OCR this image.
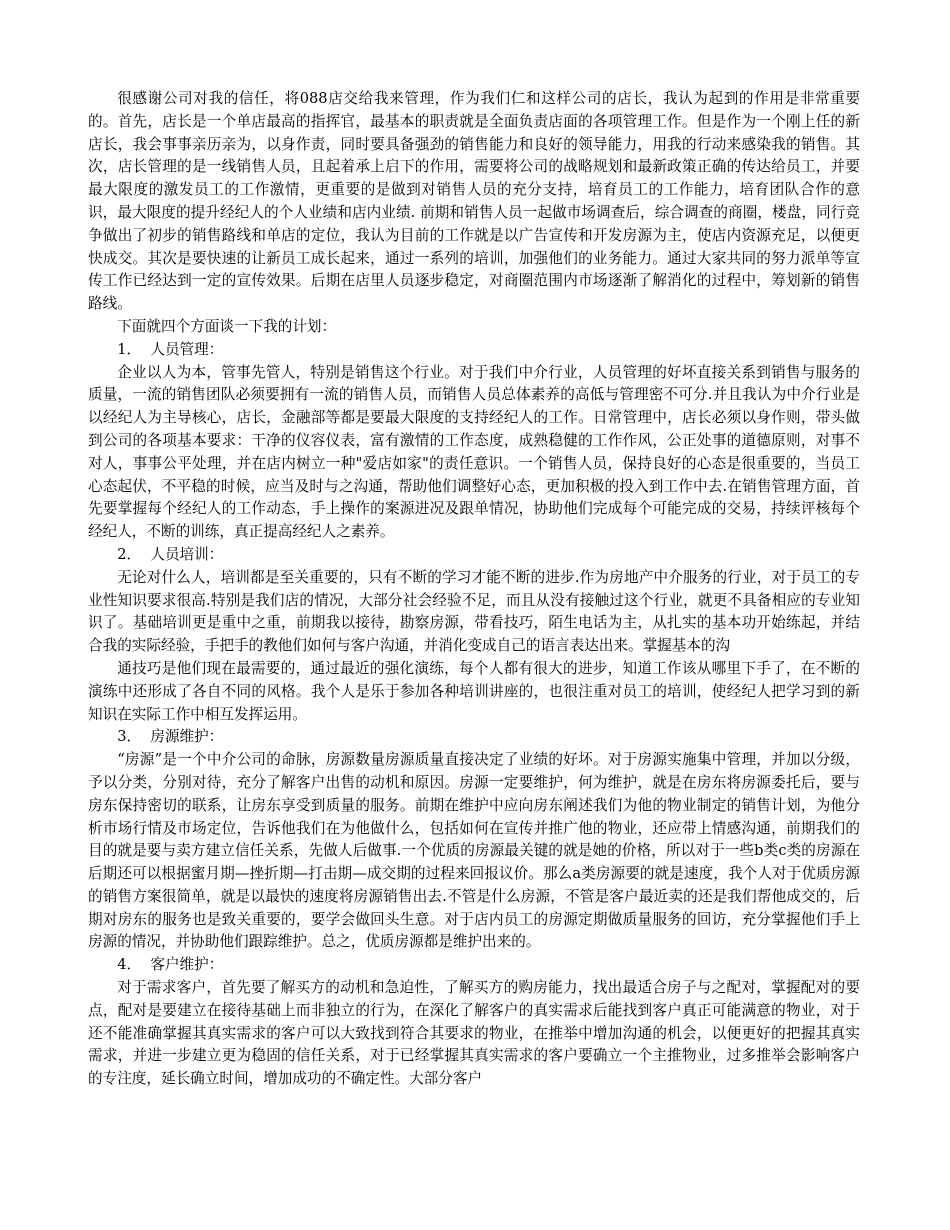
很感谢公司对我的信任，将088店交给我来管理，作为我们仁和这样公司的店长，我认为起到的作用是非常重要的。首先，店长是一个单店最高的指挥官，最基本的职责就是全面负责店面的各项管理工作。但是作为一个刚上任的新店长，我会事事亲历亲为，以身作责，同时要具备强劲的销售能力和良好的领导能力，用我的行动来感染我的销售。其次，店长管理的是一线销售人员，且起着承上启下的作用，需要将公司的战略规划和最新政策正确的传达给员工，并要最大限度的激发员工的工作激情，更重要的是做到对销售人员的充分支持，培育员工的工作能力，培育团队合作的意识，最大限度的提升经纪人的个人业绩和店内业绩. 前期和销售人员一起做市场调查后，综合调查的商圈，楼盘，同行竞争做出了初步的销售路线和单店的定位，我认为目前的工作就是以广告宣传和开发房源为主，使店内资源充足，以便更快成交。其次是要快速的让新员工成长起来，通过一系列的培训，加强他们的业务能力。通过大家共同的努力派单等宣传工作已经达到一定的宣传效果。后期在店里人员逐步稳定，对商圈范围内市场逐渐了解消化的过程中，筹划新的销售路线。

下面就四个方面谈一下我的计划：

1．  人员管理：

企业以人为本，管事先管人，特别是销售这个行业。对于我们中介行业，人员管理的好坏直接关系到销售与服务的质量，一流的销售团队必须要拥有一流的销售人员，而销售人员总体素养的高低与管理密不可分.并且我认为中介行业是以经纪人为主导核心，店长，金融部等都是要最大限度的支持经纪人的工作。日常管理中，店长必须以身作则，带头做到公司的各项基本要求：干净的仪容仪表，富有激情的工作态度，成熟稳健的工作作风，公正处事的道德原则，对事不对人，事事公平处理，并在店内树立一种"爱店如家"的责任意识。一个销售人员，保持良好的心态是很重要的，当员工心态起伏，不平稳的时候，应当及时与之沟通，帮助他们调整好心态，更加积极的投入到工作中去.在销售管理方面，首先要掌握每个经纪人的工作动态，手上操作的案源进况及跟单情况，协助他们完成每个可能完成的交易，持续评核每个经纪人，不断的训练，真正提高经纪人之素养。

2．  人员培训：

无论对什么人，培训都是至关重要的，只有不断的学习才能不断的进步.作为房地产中介服务的行业，对于员工的专业性知识要求很高.特别是我们店的情况，大部分社会经验不足，而且从没有接触过这个行业，就更不具备相应的专业知识了。基础培训更是重中之重，前期我以接待，勘察房源，带看技巧，陌生电话为主，从扎实的基本功开始练起，并结合我的实际经验，手把手的教他们如何与客户沟通，并消化变成自己的语言表达出来。掌握基本的沟

通技巧是他们现在最需要的，通过最近的强化演练，每个人都有很大的进步，知道工作该从哪里下手了，在不断的演练中还形成了各自不同的风格。我个人是乐于参加各种培训讲座的，也很注重对员工的培训，使经纪人把学习到的新知识在实际工作中相互发挥运用。

3．  房源维护：

“房源”是一个中介公司的命脉，房源数量房源质量直接决定了业绩的好坏。对于房源实施集中管理，并加以分级，予以分类，分别对待，充分了解客户出售的动机和原因。房源一定要维护，何为维护，就是在房东将房源委托后，要与房东保持密切的联系，让房东享受到质量的服务。前期在维护中应向房东阐述我们为他的物业制定的销售计划，为他分析市场行情及市场定位，告诉他我们在为他做什么，包括如何在宣传并推广他的物业，还应带上情感沟通，前期我们的目的就是要与卖方建立信任关系，先做人后做事.一个优质的房源最关键的就是她的价格，所以对于一些b类c类的房源在后期还可以根据蜜月期—挫折期—打击期—成交期的过程来回报议价。那么a类房源要的就是速度，我个人对于优质房源的销售方案很简单，就是以最快的速度将房源销售出去.不管是什么房源，不管是客户最近卖的还是我们帮他成交的，后期对房东的服务也是致关重要的，要学会做回头生意。对于店内员工的房源定期做质量服务的回访，充分掌握他们手上房源的情况，并协助他们跟踪维护。总之，优质房源都是维护出来的。

4．  客户维护：

对于需求客户，首先要了解买方的动机和急迫性，了解买方的购房能力，找出最适合房子与之配对，掌握配对的要点，配对是要建立在接待基础上而非独立的行为，在深化了解客户的真实需求后能找到客户真正可能满意的物业，对于还不能准确掌握其真实需求的客户可以大致找到符合其要求的物业，在推举中增加沟通的机会，以便更好的把握其真实需求，并进一步建立更为稳固的信任关系，对于已经掌握其真实需求的客户要确立一个主推物业，过多推举会影响客户的专注度，延长确立时间，增加成功的不确定性。大部分客户
